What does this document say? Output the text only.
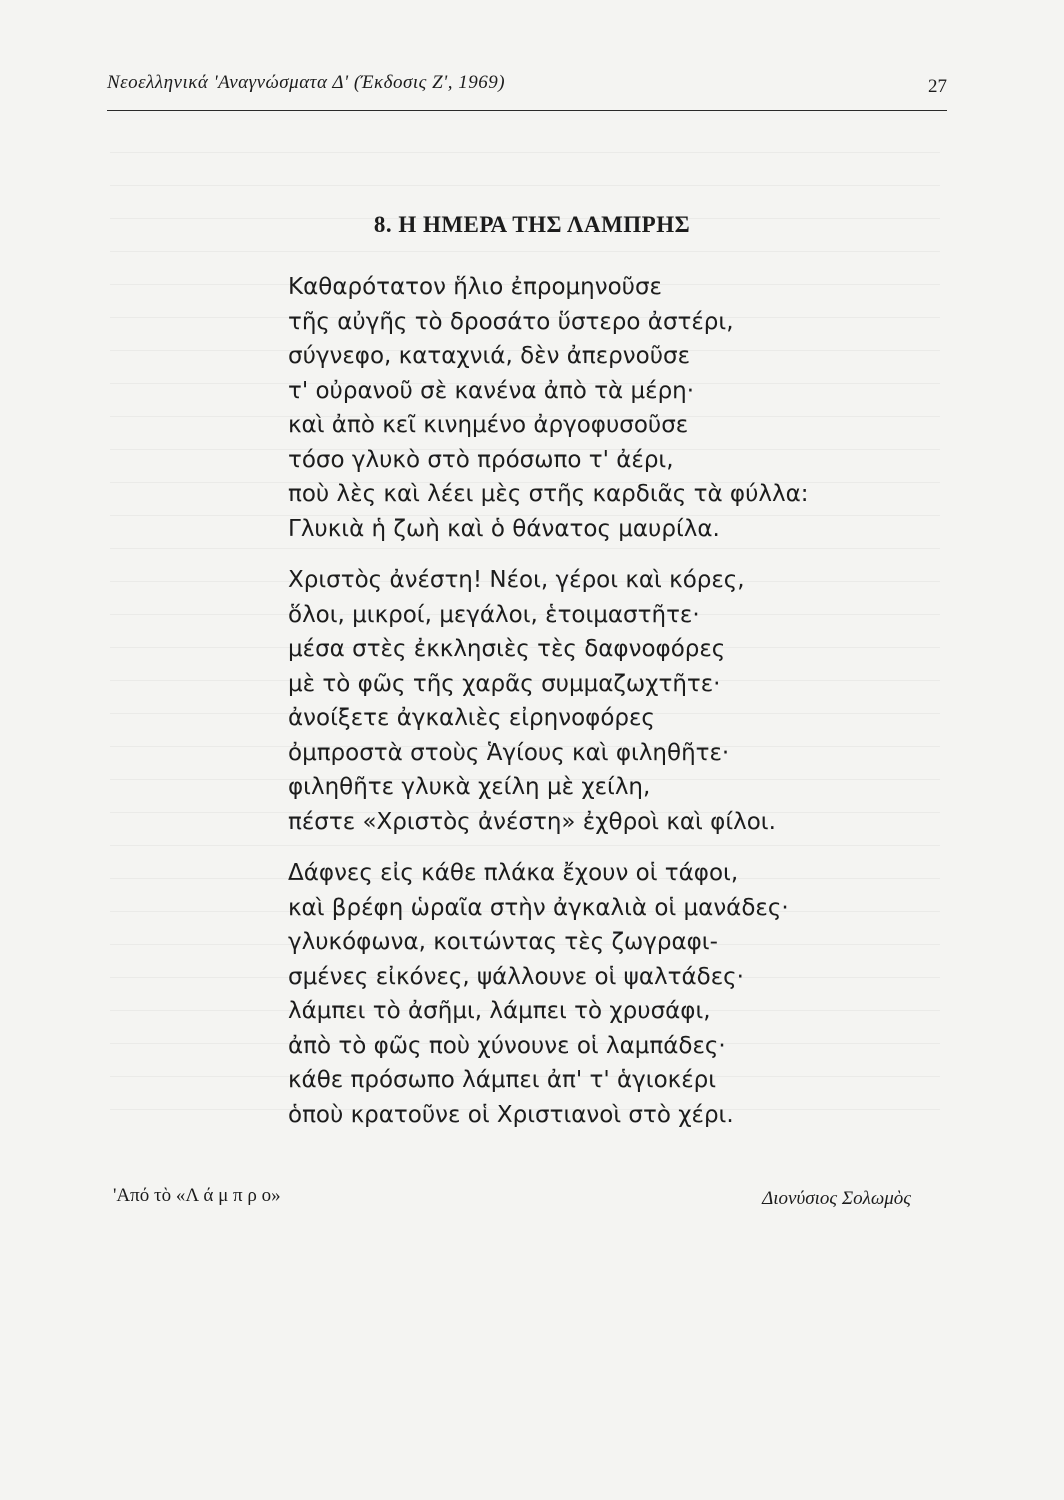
Νεοελληνικά 'Αναγνώσματα Δ' (Έκδοσις Ζ', 1969)	27
8. Η ΗΜΕΡΑ ΤΗΣ ΛΑΜΠΡΗΣ
Καθαρότατον ἥλιο ἐπρομηνοῦσε
τῆς αὐγῆς τὸ δροσάτο ὕστερο ἀστέρι,
σύγνεφο, καταχνιά, δὲν ἀπερνοῦσε
τ' οὐρανοῦ σὲ κανένα ἀπὸ τὰ μέρη·
καὶ ἀπὸ κεῖ κινημένο ἀργοφυσοῦσε
τόσο γλυκὸ στὸ πρόσωπο τ' ἀέρι,
ποὺ λὲς καὶ λέει μὲς στῆς καρδιᾶς τὰ φύλλα:
Γλυκιὰ ἡ ζωὴ καὶ ὁ θάνατος μαυρίλα.
Χριστὸς ἀνέστη! Νέοι, γέροι καὶ κόρες,
ὅλοι, μικροί, μεγάλοι, ἑτοιμαστῆτε·
μέσα στὲς ἐκκλησιὲς τὲς δαφνοφόρες
μὲ τὸ φῶς τῆς χαρᾶς συμμαζωχτῆτε·
ἀνοίξετε ἀγκαλιὲς εἰρηνοφόρες
ὀμπροστὰ στοὺς Ἁγίους καὶ φιληθῆτε·
φιληθῆτε γλυκὰ χείλη μὲ χείλη,
πέστε «Χριστὸς ἀνέστη» ἐχθροὶ καὶ φίλοι.
Δάφνες εἰς κάθε πλάκα ἔχουν οἱ τάφοι,
καὶ βρέφη ὡραῖα στὴν ἀγκαλιὰ οἱ μανάδες·
γλυκόφωνα, κοιτώντας τὲς ζωγραφι-
σμένες εἰκόνες, ψάλλουνε οἱ ψαλτάδες·
λάμπει τὸ ἀσῆμι, λάμπει τὸ χρυσάφι,
ἀπὸ τὸ φῶς ποὺ χύνουνε οἱ λαμπάδες·
κάθε πρόσωπο λάμπει ἀπ' τ' ἁγιοκέρι
ὁποὺ κρατοῦνε οἱ Χριστιανοὶ στὸ χέρι.
'Από τὸ «Λ ά μ π ρ ο»	Διονύσιος Σολωμὸς
